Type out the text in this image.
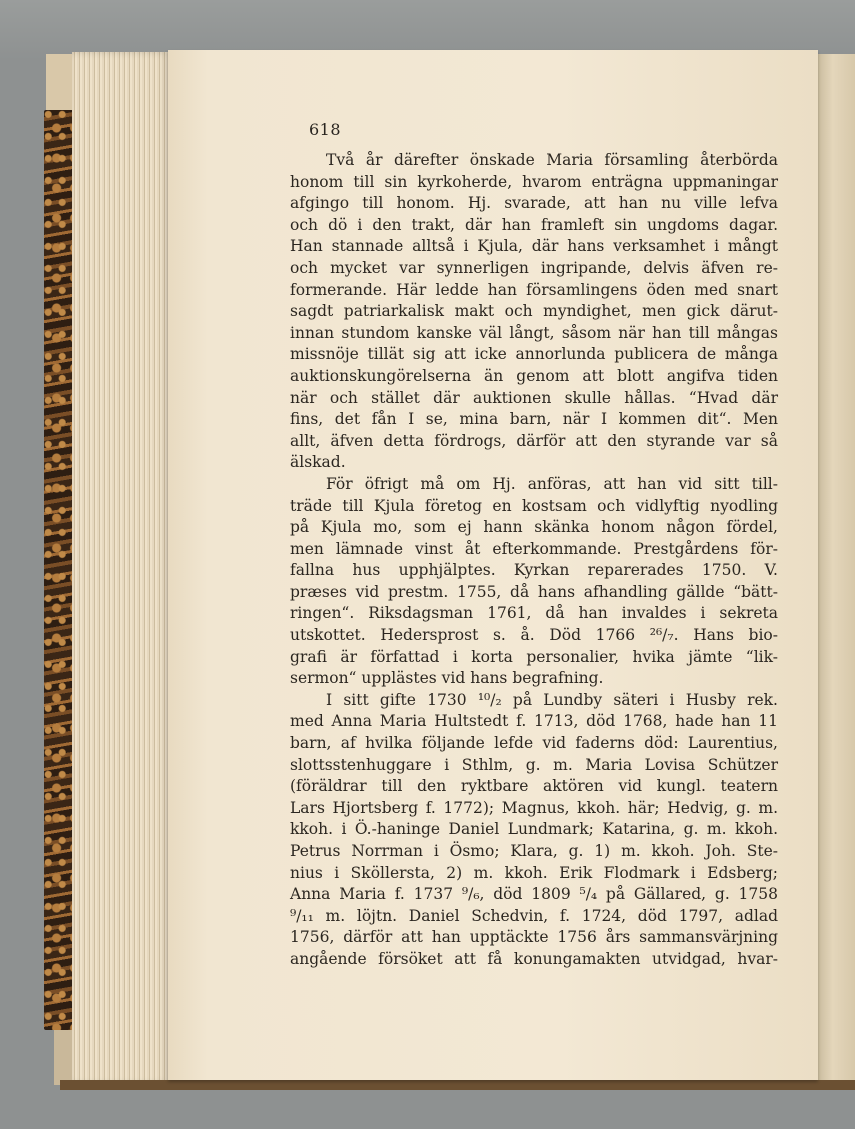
618
Två år därefter önskade Maria församling återbörda
honom till sin kyrkoherde, hvarom enträgna uppmaningar
afgingo till honom. Hj. svarade, att han nu ville lefva
och dö i den trakt, där han framleft sin ungdoms dagar.
Han stannade alltså i Kjula, där hans verksamhet i mångt
och mycket var synnerligen ingripande, delvis äfven re-
formerande. Här ledde han församlingens öden med snart
sagdt patriarkalisk makt och myndighet, men gick därut-
innan stundom kanske väl långt, såsom när han till mångas
missnöje tillät sig att icke annorlunda publicera de många
auktionskungörelserna än genom att blott angifva tiden
när och stället där auktionen skulle hållas. “Hvad där
fins, det fån I se, mina barn, när I kommen dit“. Men
allt, äfven detta fördrogs, därför att den styrande var så
älskad.
För öfrigt må om Hj. anföras, att han vid sitt till-
träde till Kjula företog en kostsam och vidlyftig nyodling
på Kjula mo, som ej hann skänka honom någon fördel,
men lämnade vinst åt efterkommande. Prestgårdens för-
fallna hus upphjälptes. Kyrkan reparerades 1750. V.
præses vid prestm. 1755, då hans afhandling gällde “bätt-
ringen“. Riksdagsman 1761, då han invaldes i sekreta
utskottet. Hedersprost s. å. Död 1766 ²⁶/₇. Hans bio-
grafi är författad i korta personalier, hvika jämte “lik-
sermon“ upplästes vid hans begrafning.
I sitt gifte 1730 ¹⁰/₂ på Lundby säteri i Husby rek.
med Anna Maria Hultstedt f. 1713, död 1768, hade han 11
barn, af hvilka följande lefde vid faderns död: Laurentius,
slottsstenhuggare i Sthlm, g. m. Maria Lovisa Schützer
(föräldrar till den ryktbare aktören vid kungl. teatern
Lars Hjortsberg f. 1772); Magnus, kkoh. här; Hedvig, g. m.
kkoh. i Ö.-haninge Daniel Lundmark; Katarina, g. m. kkoh.
Petrus Norrman i Ösmo; Klara, g. 1) m. kkoh. Joh. Ste-
nius i Sköllersta, 2) m. kkoh. Erik Flodmark i Edsberg;
Anna Maria f. 1737 ⁹/₆, död 1809 ⁵/₄ på Gällared, g. 1758
⁹/₁₁ m. löjtn. Daniel Schedvin, f. 1724, död 1797, adlad
1756, därför att han upptäckte 1756 års sammansvärjning
angående försöket att få konungamakten utvidgad, hvar-
